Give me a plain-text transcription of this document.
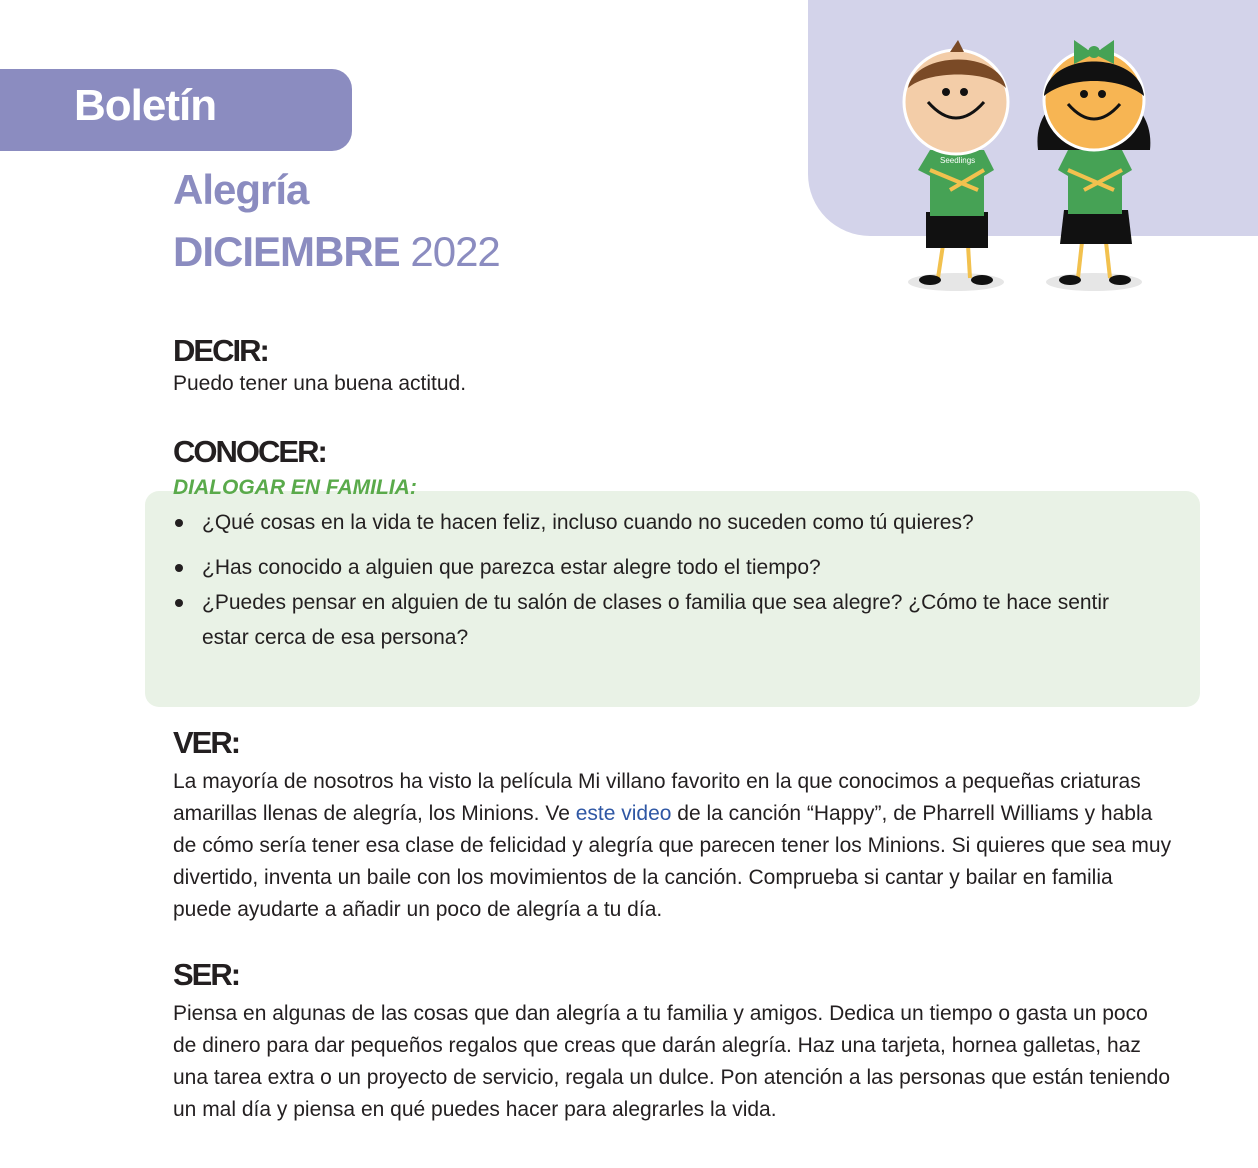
Boletín
Alegría
DICIEMBRE 2022
Seedlings
DECIR:

Puedo tener una buena actitud.

CONOCER:

DIALOGAR EN FAMILIA:

¿Qué cosas en la vida te hacen feliz, incluso cuando no suceden como tú quieres?
¿Has conocido a alguien que parezca estar alegre todo el tiempo?
¿Puedes pensar en alguien de tu salón de clases o familia que sea alegre? ¿Cómo te hace sentir estar cerca de esa persona?
VER:

La mayoría de nosotros ha visto la película Mi villano favorito en la que conocimos a pequeñas criaturas amarillas llenas de alegría, los Minions. Ve este video de la canción “Happy”, de Pharrell Williams y habla de cómo sería tener esa clase de felicidad y alegría que parecen tener los Minions. Si quieres que sea muy divertido, inventa un baile con los movimientos de la canción. Comprueba si cantar y bailar en familia puede ayudarte a añadir un poco de alegría a tu día.

SER:

Piensa en algunas de las cosas que dan alegría a tu familia y amigos. Dedica un tiempo o gasta un poco de dinero para dar pequeños regalos que creas que darán alegría. Haz una tarjeta, hornea galletas, haz una tarea extra o un proyecto de servicio, regala un dulce. Pon atención a las personas que están teniendo un mal día y piensa en qué puedes hacer para alegrarles la vida.
